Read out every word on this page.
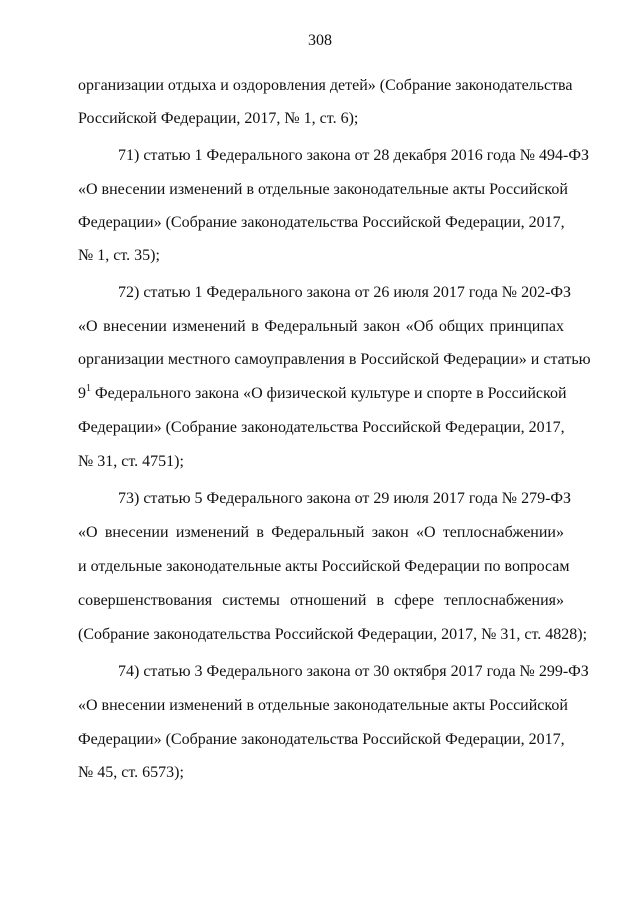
308
организации отдыха и оздоровления детей» (Собрание законодательства
Российской Федерации, 2017, № 1, ст. 6);
71) статью 1 Федерального закона от 28 декабря 2016 года № 494-ФЗ
«О внесении изменений в отдельные законодательные акты Российской
Федерации» (Собрание законодательства Российской Федерации, 2017,
№ 1, ст. 35);
72) статью 1 Федерального закона от 26 июля 2017 года № 202-ФЗ
«О внесении изменений в Федеральный закон «Об общих принципах
организации местного самоуправления в Российской Федерации» и статью
$9^1$ Федерального закона «О физической культуре и спорте в Российской
Федерации» (Собрание законодательства Российской Федерации, 2017,
№ 31, ст. 4751);
73) статью 5 Федерального закона от 29 июля 2017 года № 279-ФЗ
«О внесении изменений в Федеральный закон «О теплоснабжении»
и отдельные законодательные акты Российской Федерации по вопросам
совершенствования системы отношений в сфере теплоснабжения»
(Собрание законодательства Российской Федерации, 2017, № 31, ст. 4828);
74) статью 3 Федерального закона от 30 октября 2017 года № 299-ФЗ
«О внесении изменений в отдельные законодательные акты Российской
Федерации» (Собрание законодательства Российской Федерации, 2017,
№ 45, ст. 6573);
